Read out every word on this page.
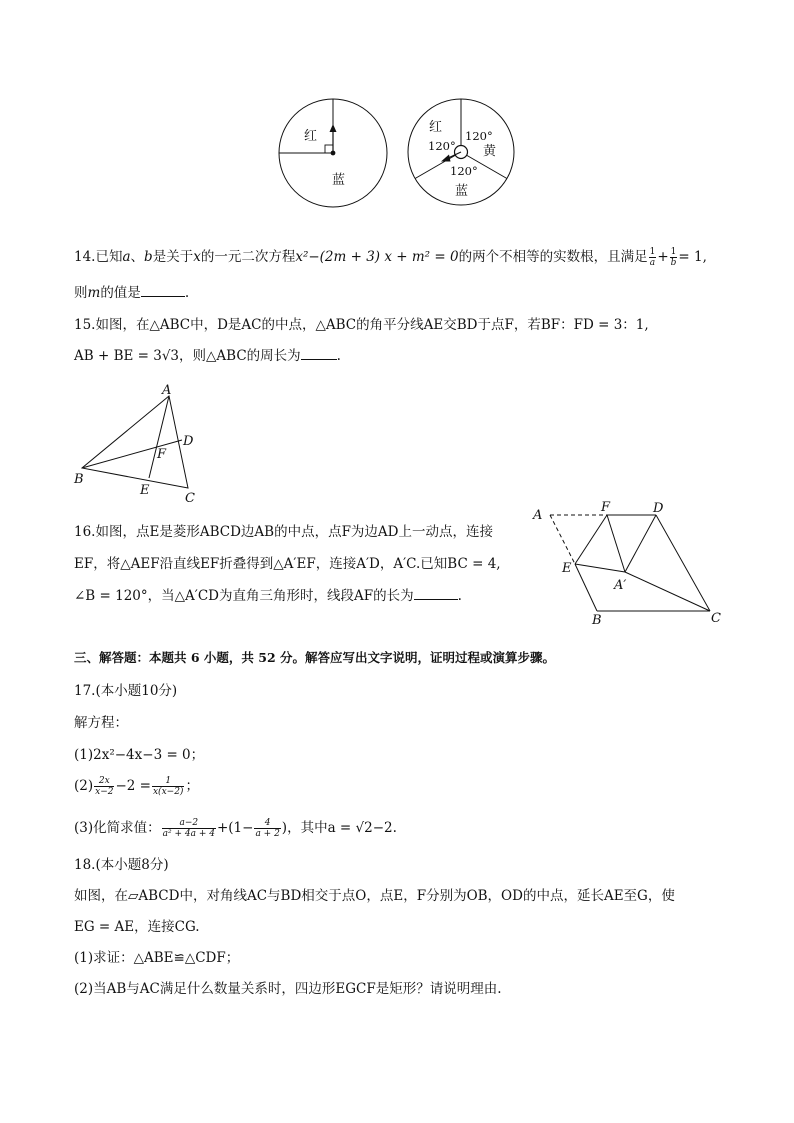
红
蓝
红
120°
120°
黄
120°
蓝
14.已知a、b是关于x的一元二次方程x²−(2m + 3) x + m² = 0的两个不相等的实数根，且满足 $\frac{1}{a} + \frac{1}{b} = 1$,
则m的值是	.
15.如图，在△ABC中，D是AC的中点，△ABC的角平分线AE交BD于点F，若BF：FD = 3：1,
AB + BE = 3√3，则△ABC的周长为	.
A
D
F
B
E
C
16.如图，点E是菱形ABCD边AB的中点，点F为边AD上一动点，连接
EF，将△AEF沿直线EF折叠得到△A′EF，连接A′D，A′C.已知BC = 4,
∠B = 120°，当△A′CD为直角三角形时，线段AF的长为	.
A
F	D
E
A′
B	C
三、解答题：本题共 6 小题，共 52 分。解答应写出文字说明，证明过程或演算步骤。
17.(本小题10分)
解方程：
(1)2x²−4x−3 = 0；
$(2) \frac{2x}{x-2} -2 = \frac{1}{x(x-2)}$ ；
(3)化简求值： $\frac{a-2}{\text{a² + 4a + 4}} +(1- \frac{4}{a + 2}$ )，其中a = √2−2.
18.(本小题8分)
如图，在▱ABCD中，对角线AC与BD相交于点O，点E，F分别为OB，OD的中点，延长AE至G，使
EG = AE，连接CG.
(1)求证：△ABE≌△CDF；
(2)当AB与AC满足什么数量关系时，四边形EGCF是矩形？请说明理由.
